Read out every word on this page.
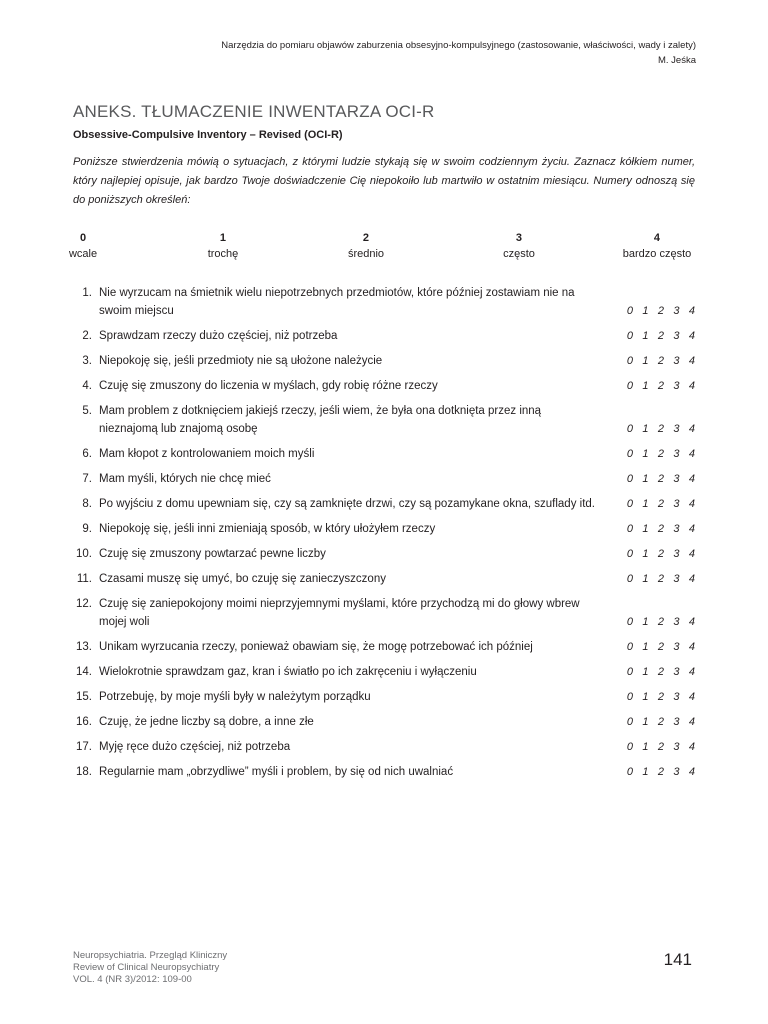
Narzędzia do pomiaru objawów zaburzenia obsesyjno-kompulsyjnego (zastosowanie, właściwości, wady i zalety)
M. Jeśka
ANEKS. TŁUMACZENIE INWENTARZA OCI-R
Obsessive-Compulsive Inventory – Revised (OCI-R)
Poniższe stwierdzenia mówią o sytuacjach, z którymi ludzie stykają się w swoim codziennym życiu. Zaznacz kółkiem numer, który najlepiej opisuje, jak bardzo Twoje doświadczenie Cię niepokoiło lub martwiło w ostatnim miesiącu. Numery odnoszą się do poniższych określeń:
0
wcale
1
trochę
2
średnio
3
często
4
bardzo często
1. Nie wyrzucam na śmietnik wielu niepotrzebnych przedmiotów, które później zostawiam nie na swoim miejscu	0 1 2 3 4
2. Sprawdzam rzeczy dużo częściej, niż potrzeba	0 1 2 3 4
3. Niepokoję się, jeśli przedmioty nie są ułożone należycie	0 1 2 3 4
4. Czuję się zmuszony do liczenia w myślach, gdy robię różne rzeczy	0 1 2 3 4
5. Mam problem z dotknięciem jakiejś rzeczy, jeśli wiem, że była ona dotknięta przez inną nieznajomą lub znajomą osobę	0 1 2 3 4
6. Mam kłopot z kontrolowaniem moich myśli	0 1 2 3 4
7. Mam myśli, których nie chcę mieć	0 1 2 3 4
8. Po wyjściu z domu upewniam się, czy są zamknięte drzwi, czy są pozamykane okna, szuflady itd.	0 1 2 3 4
9. Niepokoję się, jeśli inni zmieniają sposób, w który ułożyłem rzeczy	0 1 2 3 4
10. Czuję się zmuszony powtarzać pewne liczby	0 1 2 3 4
11. Czasami muszę się umyć, bo czuję się zanieczyszczony	0 1 2 3 4
12. Czuję się zaniepokojony moimi nieprzyjemnymi myślami, które przychodzą mi do głowy wbrew mojej woli	0 1 2 3 4
13. Unikam wyrzucania rzeczy, ponieważ obawiam się, że mogę potrzebować ich później	0 1 2 3 4
14. Wielokrotnie sprawdzam gaz, kran i światło po ich zakręceniu i wyłączeniu	0 1 2 3 4
15. Potrzebuję, by moje myśli były w należytym porządku	0 1 2 3 4
16. Czuję, że jedne liczby są dobre, a inne złe	0 1 2 3 4
17. Myję ręce dużo częściej, niż potrzeba	0 1 2 3 4
18. Regularnie mam „obrzydliwe” myśli i problem, by się od nich uwalniać	0 1 2 3 4
Neuropsychiatria. Przegląd Kliniczny
Review of Clinical Neuropsychiatry
VOL. 4 (NR 3)/2012: 109-00
141
